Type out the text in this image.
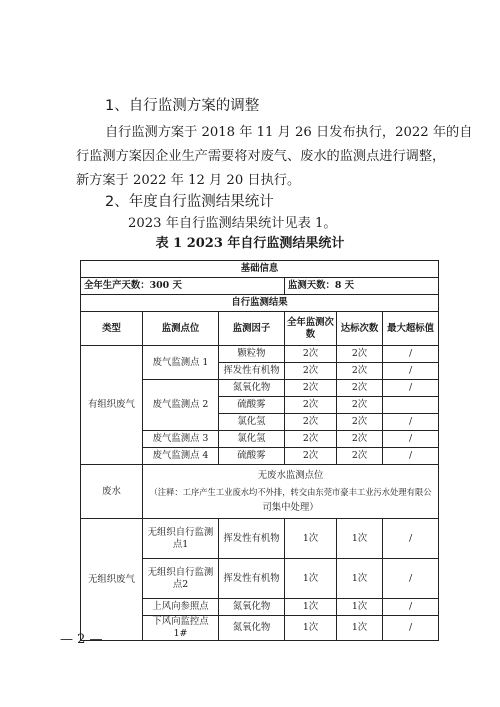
1、自行监测方案的调整
自行监测方案于 2018 年 11 月 26 日发布执行，2022 年的自
行监测方案因企业生产需要将对废气、废水的监测点进行调整，
新方案于 2022 年 12 月 20 日执行。
2、年度自行监测结果统计
2023 年自行监测结果统计见表 1。
表 1 2023 年自行监测结果统计
基础信息					
全年生产天数：300 天			监测天数：8 天		
自行监测结果					
类型	监测点位	监测因子	全年监测次数	达标次数	最大超标值
有组织废气	废气监测点 1	颗粒物	2次	2次	/
		挥发性有机物	2次	2次	/
	废气监测点 2	氮氧化物	2次	2次	/
		硫酸雾	2次	2次	
		氯化氢	2次	2次	/
	废气监测点 3	氯化氢	2次	2次	/
	废气监测点 4	硫酸雾	2次	2次	/
废水	无废水监测点位
（注释：工序产生工业废水均不外排，转交由东莞市豪丰工业污水处理有限公
司集中处理）				

无组织废气	无组织自行监测
点1	挥发性有机物	1次	1次	/

	无组织自行监测
点2	挥发性有机物	1次	1次	/
	上风向参照点	氮氧化物	1次	1次	/
	下风向监控点 1#	氮氧化物	1次	1次	/
— 2 —
